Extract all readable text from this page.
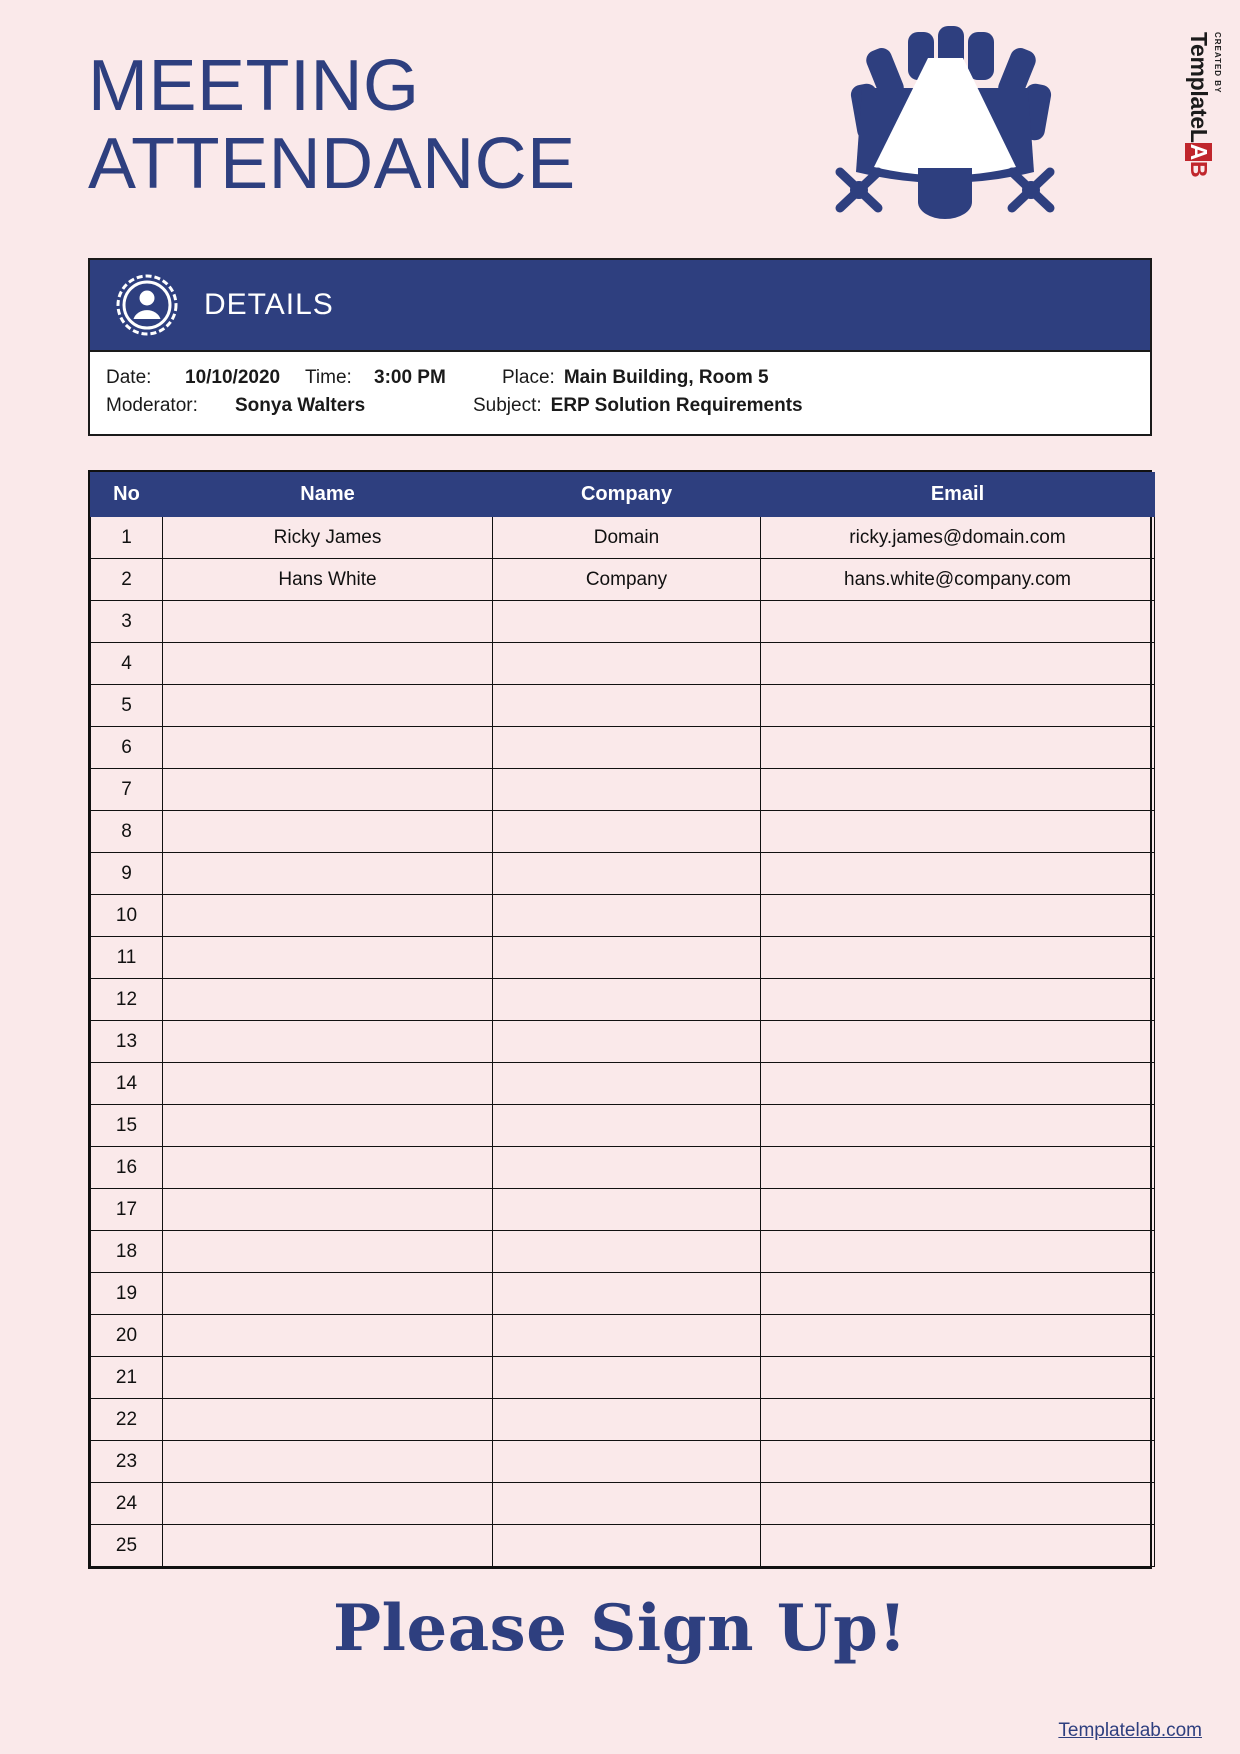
MEETING
ATTENDANCE
CREATED BY
TemplateLAB
DETAILS
Date:	10/10/2020	Time:	3:00 PM	Place: Main Building, Room 5
Moderator:	Sonya Walters	Subject: ERP Solution Requirements
No	Name	Company	Email
1	Ricky James	Domain	ricky.james@domain.com
2	Hans White	Company	hans.white@company.com
3			
4			
5			
6			
7			
8			
9			
10			
11			
12			
13			
14			
15			
16			
17			
18			
19			
20			
21			
22			
23			
24			
25			
Please Sign Up!
Templatelab.com
